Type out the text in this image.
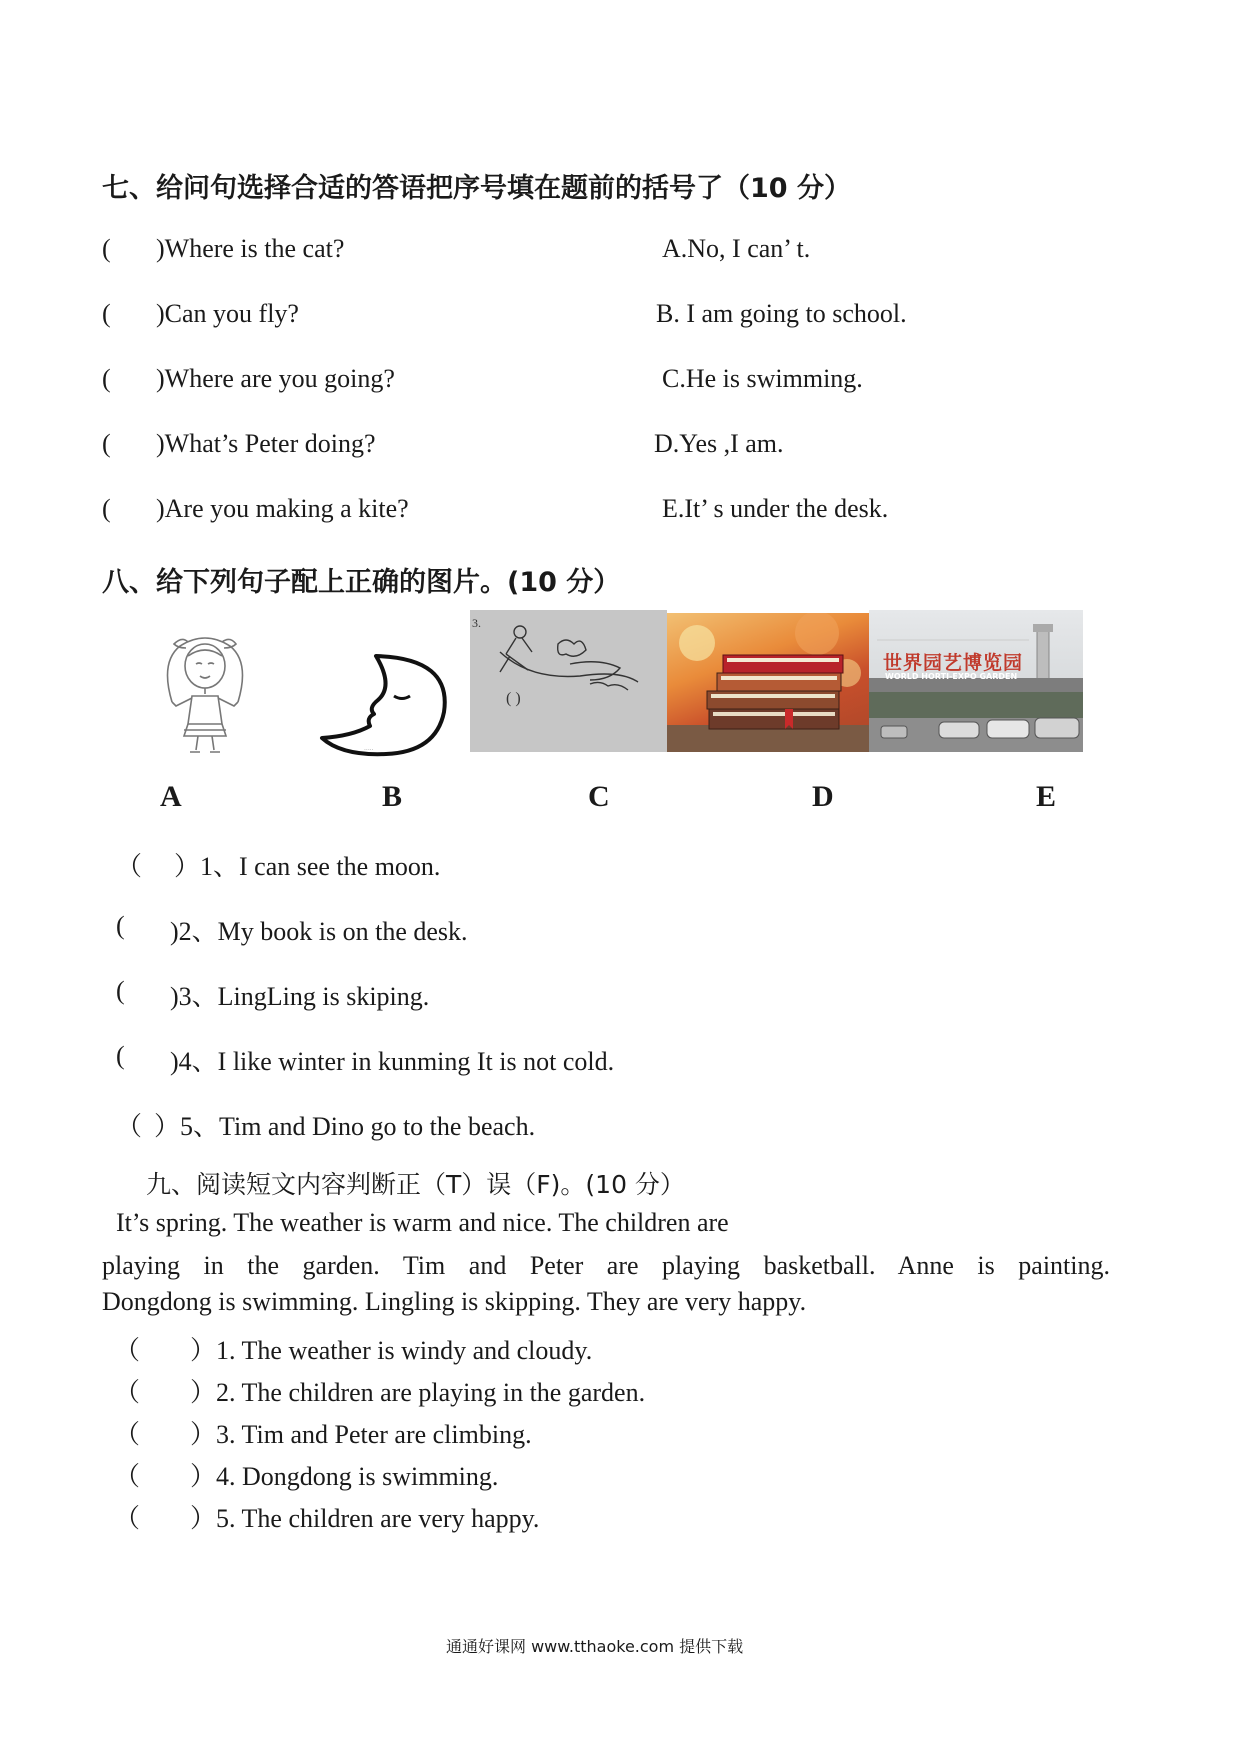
七、给问句选择合适的答语把序号填在题前的括号了（10 分）
( )Where is the cat?	A.No, I can’ t.
( )Can you fly?	B. I am going to school.
( )Where are you going?	C.He is swimming.
( )What’s Peter doing?	D.Yes ,I am.
( )Are you making a kite?	E.It’ s under the desk.
八、给下列句子配上正确的图片。(10 分）
·····
3.
( )
世界园艺博览园
WORLD HORTI-EXPO GARDEN
A	B	C	D	E
（ ）1、I can see the moon.
( )2、My book is on the desk.
( )3、LingLing is skiping.
( )4、I like winter in kunming It is not cold.
（ ）5、Tim and Dino go to the beach.
九、阅读短文内容判断正（T）误（F)。(10 分）
It’s spring. The weather is warm and nice. The children are
playing in the garden. Tim and Peter are playing basketball. Anne is painting.
Dongdong is swimming. Lingling is skipping. They are very happy.
（ ）1. The weather is windy and cloudy.
（ ）2. The children are playing in the garden.
（ ）3. Tim and Peter are climbing.
（ ）4. Dongdong is swimming.
（ ）5. The children are very happy.
通通好课网 www.tthaoke.com 提供下载
